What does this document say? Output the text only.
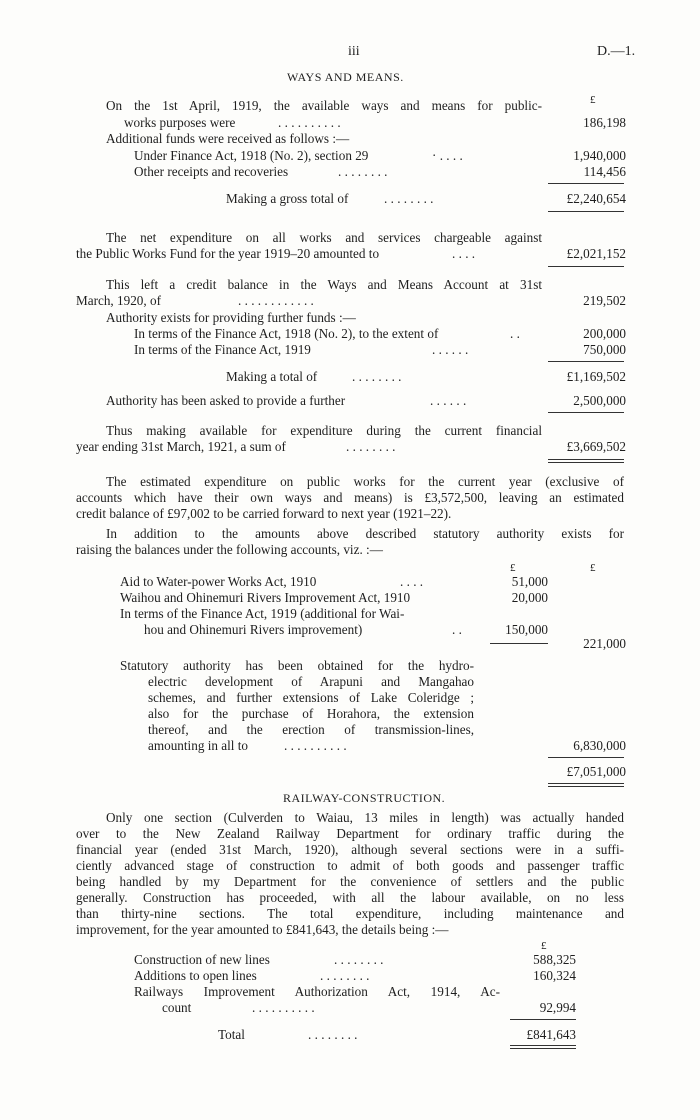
iii	D.—1.
WAYS AND MEANS.
£
On the 1st April, 1919, the available ways and means for public-
works purposes were	. . . . . . . . . .	186,198
Additional funds were received as follows :—
Under Finance Act, 1918 (No. 2), section 29	· . . . .	1,940,000
Other receipts and recoveries	. . . . . . . .	114,456
Making a gross total of	. . . . . . . .	£2,240,654
The net expenditure on all works and services chargeable against
the Public Works Fund for the year 1919–20 amounted to	. . . .	£2,021,152
This left a credit balance in the Ways and Means Account at 31st
March, 1920, of	. . . . . . . . . . . .	219,502
Authority exists for providing further funds :—
In terms of the Finance Act, 1918 (No. 2), to the extent of	. .	200,000
In terms of the Finance Act, 1919	. . . . . .	750,000
Making a total of	. . . . . . . .	£1,169,502
Authority has been asked to provide a further	. . . . . .	2,500,000
Thus making available for expenditure during the current financial
year ending 31st March, 1921, a sum of	. . . . . . . .	£3,669,502
The estimated expenditure on public works for the current year (exclusive of
accounts which have their own ways and means) is £3,572,500, leaving an estimated
credit balance of £97,002 to be carried forward to next year (1921–22).
In addition to the amounts above described statutory authority exists for
raising the balances under the following accounts, viz. :—
£	£
Aid to Water-power Works Act, 1910	. . . .	51,000
Waihou and Ohinemuri Rivers Improvement Act, 1910	20,000
In terms of the Finance Act, 1919 (additional for Wai-
hou and Ohinemuri Rivers improvement)	. .	150,000
221,000
Statutory authority has been obtained for the hydro-
electric development of Arapuni and Mangahao
schemes, and further extensions of Lake Coleridge ;
also for the purchase of Horahora, the extension
thereof, and the erection of transmission-lines,
amounting in all to	. . . . . . . . . .	6,830,000
£7,051,000
RAILWAY-CONSTRUCTION.
Only one section (Culverden to Waiau, 13 miles in length) was actually handed
over to the New Zealand Railway Department for ordinary traffic during the
financial year (ended 31st March, 1920), although several sections were in a suffi-
ciently advanced stage of construction to admit of both goods and passenger traffic
being handled by my Department for the convenience of settlers and the public
generally. Construction has proceeded, with all the labour available, on no less
than thirty-nine sections. The total expenditure, including maintenance and
improvement, for the year amounted to £841,643, the details being :—
£
Construction of new lines	. . . . . . . .	588,325
Additions to open lines	. . . . . . . .	160,324
Railways Improvement Authorization Act, 1914, Ac-
count	. . . . . . . . . .	92,994
Total	. . . . . . . .	£841,643
